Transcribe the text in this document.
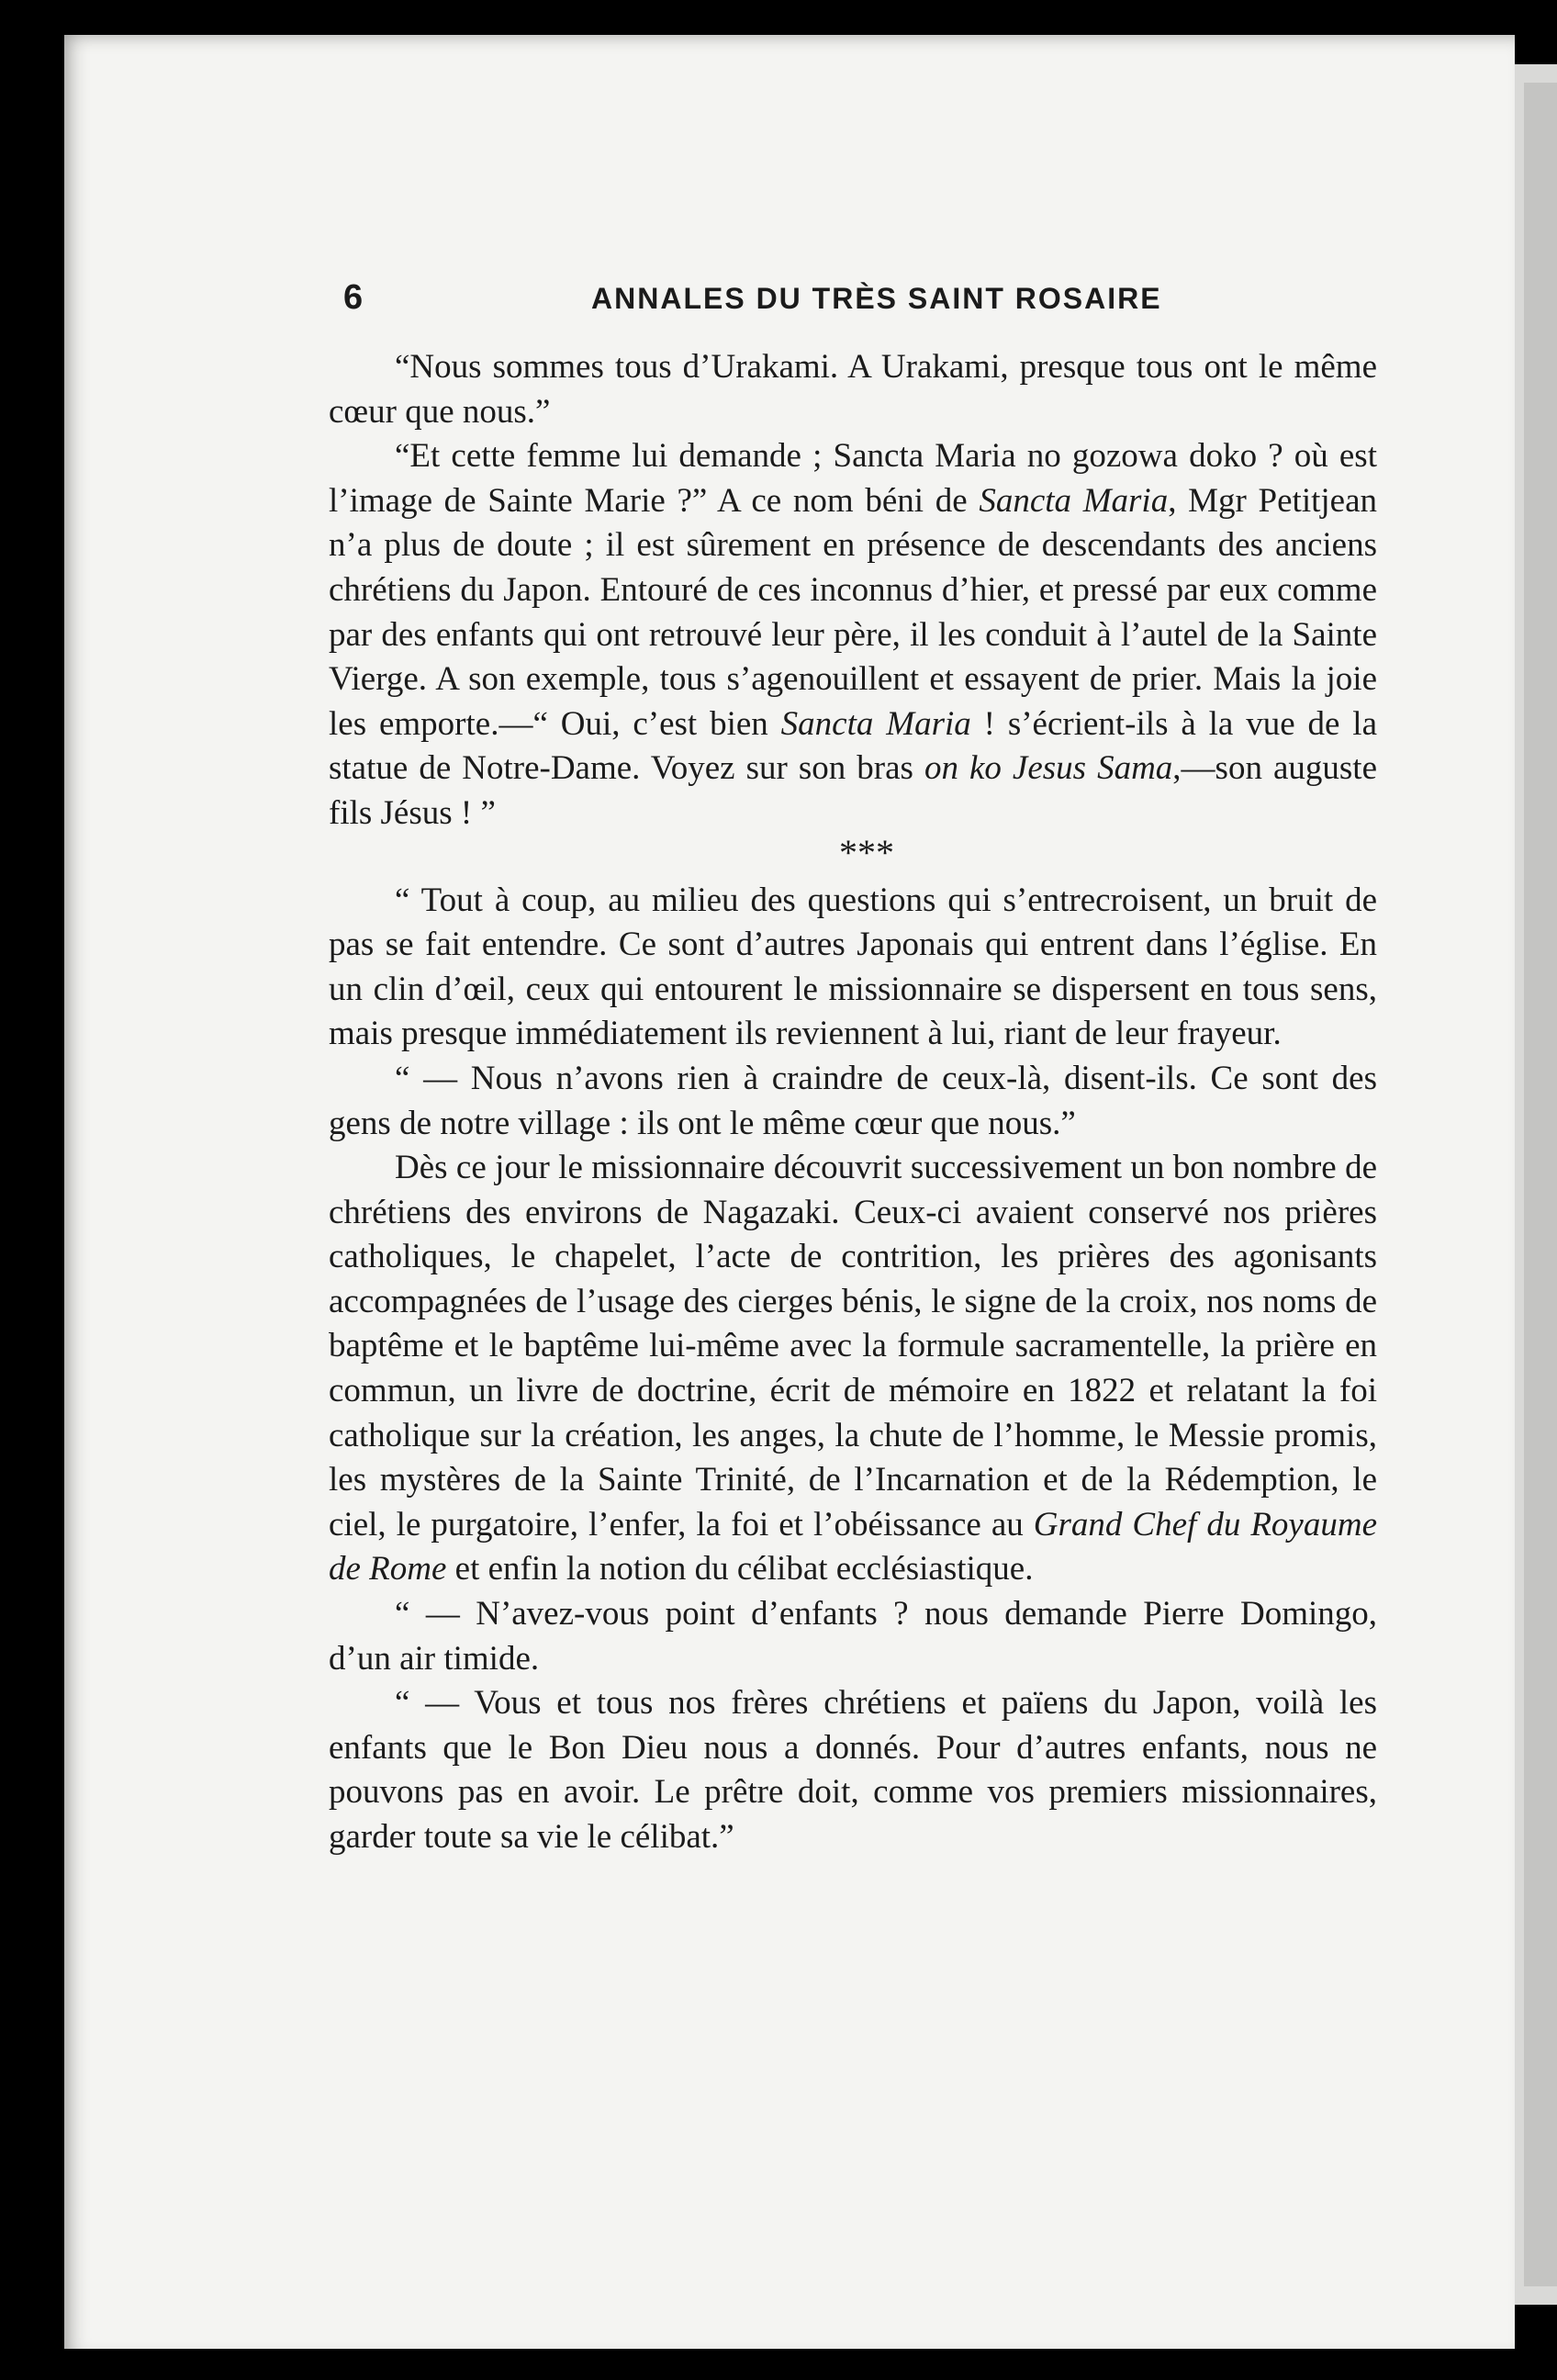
6	ANNALES DU TRÈS SAINT ROSAIRE

“Nous sommes tous d’Urakami. A Urakami, presque tous ont le même cœur que nous.”

“Et cette femme lui demande ; Sancta Maria no gozowa doko ? où est l’image de Sainte Marie ?” A ce nom béni de Sancta Maria, Mgr Petitjean n’a plus de doute ; il est sûrement en présence de descendants des anciens chrétiens du Japon. Entouré de ces inconnus d’hier, et pressé par eux comme par des enfants qui ont retrouvé leur père, il les conduit à l’autel de la Sainte Vierge. A son exemple, tous s’agenouillent et essayent de prier. Mais la joie les emporte.—“ Oui, c’est bien Sancta Maria ! s’écrient-ils à la vue de la statue de Notre-Dame. Voyez sur son bras on ko Jesus Sama,—son auguste fils Jésus ! ”

***

“ Tout à coup, au milieu des questions qui s’entrecroisent, un bruit de pas se fait entendre. Ce sont d’autres Japonais qui entrent dans l’église. En un clin d’œil, ceux qui entourent le missionnaire se dispersent en tous sens, mais presque immédiatement ils reviennent à lui, riant de leur frayeur.

“ — Nous n’avons rien à craindre de ceux-là, disent-ils. Ce sont des gens de notre village : ils ont le même cœur que nous.”

Dès ce jour le missionnaire découvrit successivement un bon nombre de chrétiens des environs de Nagazaki. Ceux-ci avaient conservé nos prières catholiques, le chapelet, l’acte de contrition, les prières des agonisants accompagnées de l’usage des cierges bénis, le signe de la croix, nos noms de baptême et le baptême lui-même avec la formule sacramentelle, la prière en commun, un livre de doctrine, écrit de mémoire en 1822 et relatant la foi catholique sur la création, les anges, la chute de l’homme, le Messie promis, les mystères de la Sainte Trinité, de l’Incarnation et de la Rédemption, le ciel, le purgatoire, l’enfer, la foi et l’obéissance au Grand Chef du Royaume de Rome et enfin la notion du célibat ecclésiastique.

“ — N’avez-vous point d’enfants ? nous demande Pierre Domingo, d’un air timide.

“ — Vous et tous nos frères chrétiens et païens du Japon, voilà les enfants que le Bon Dieu nous a donnés. Pour d’autres enfants, nous ne pouvons pas en avoir. Le prêtre doit, comme vos premiers missionnaires, garder toute sa vie le célibat.”
